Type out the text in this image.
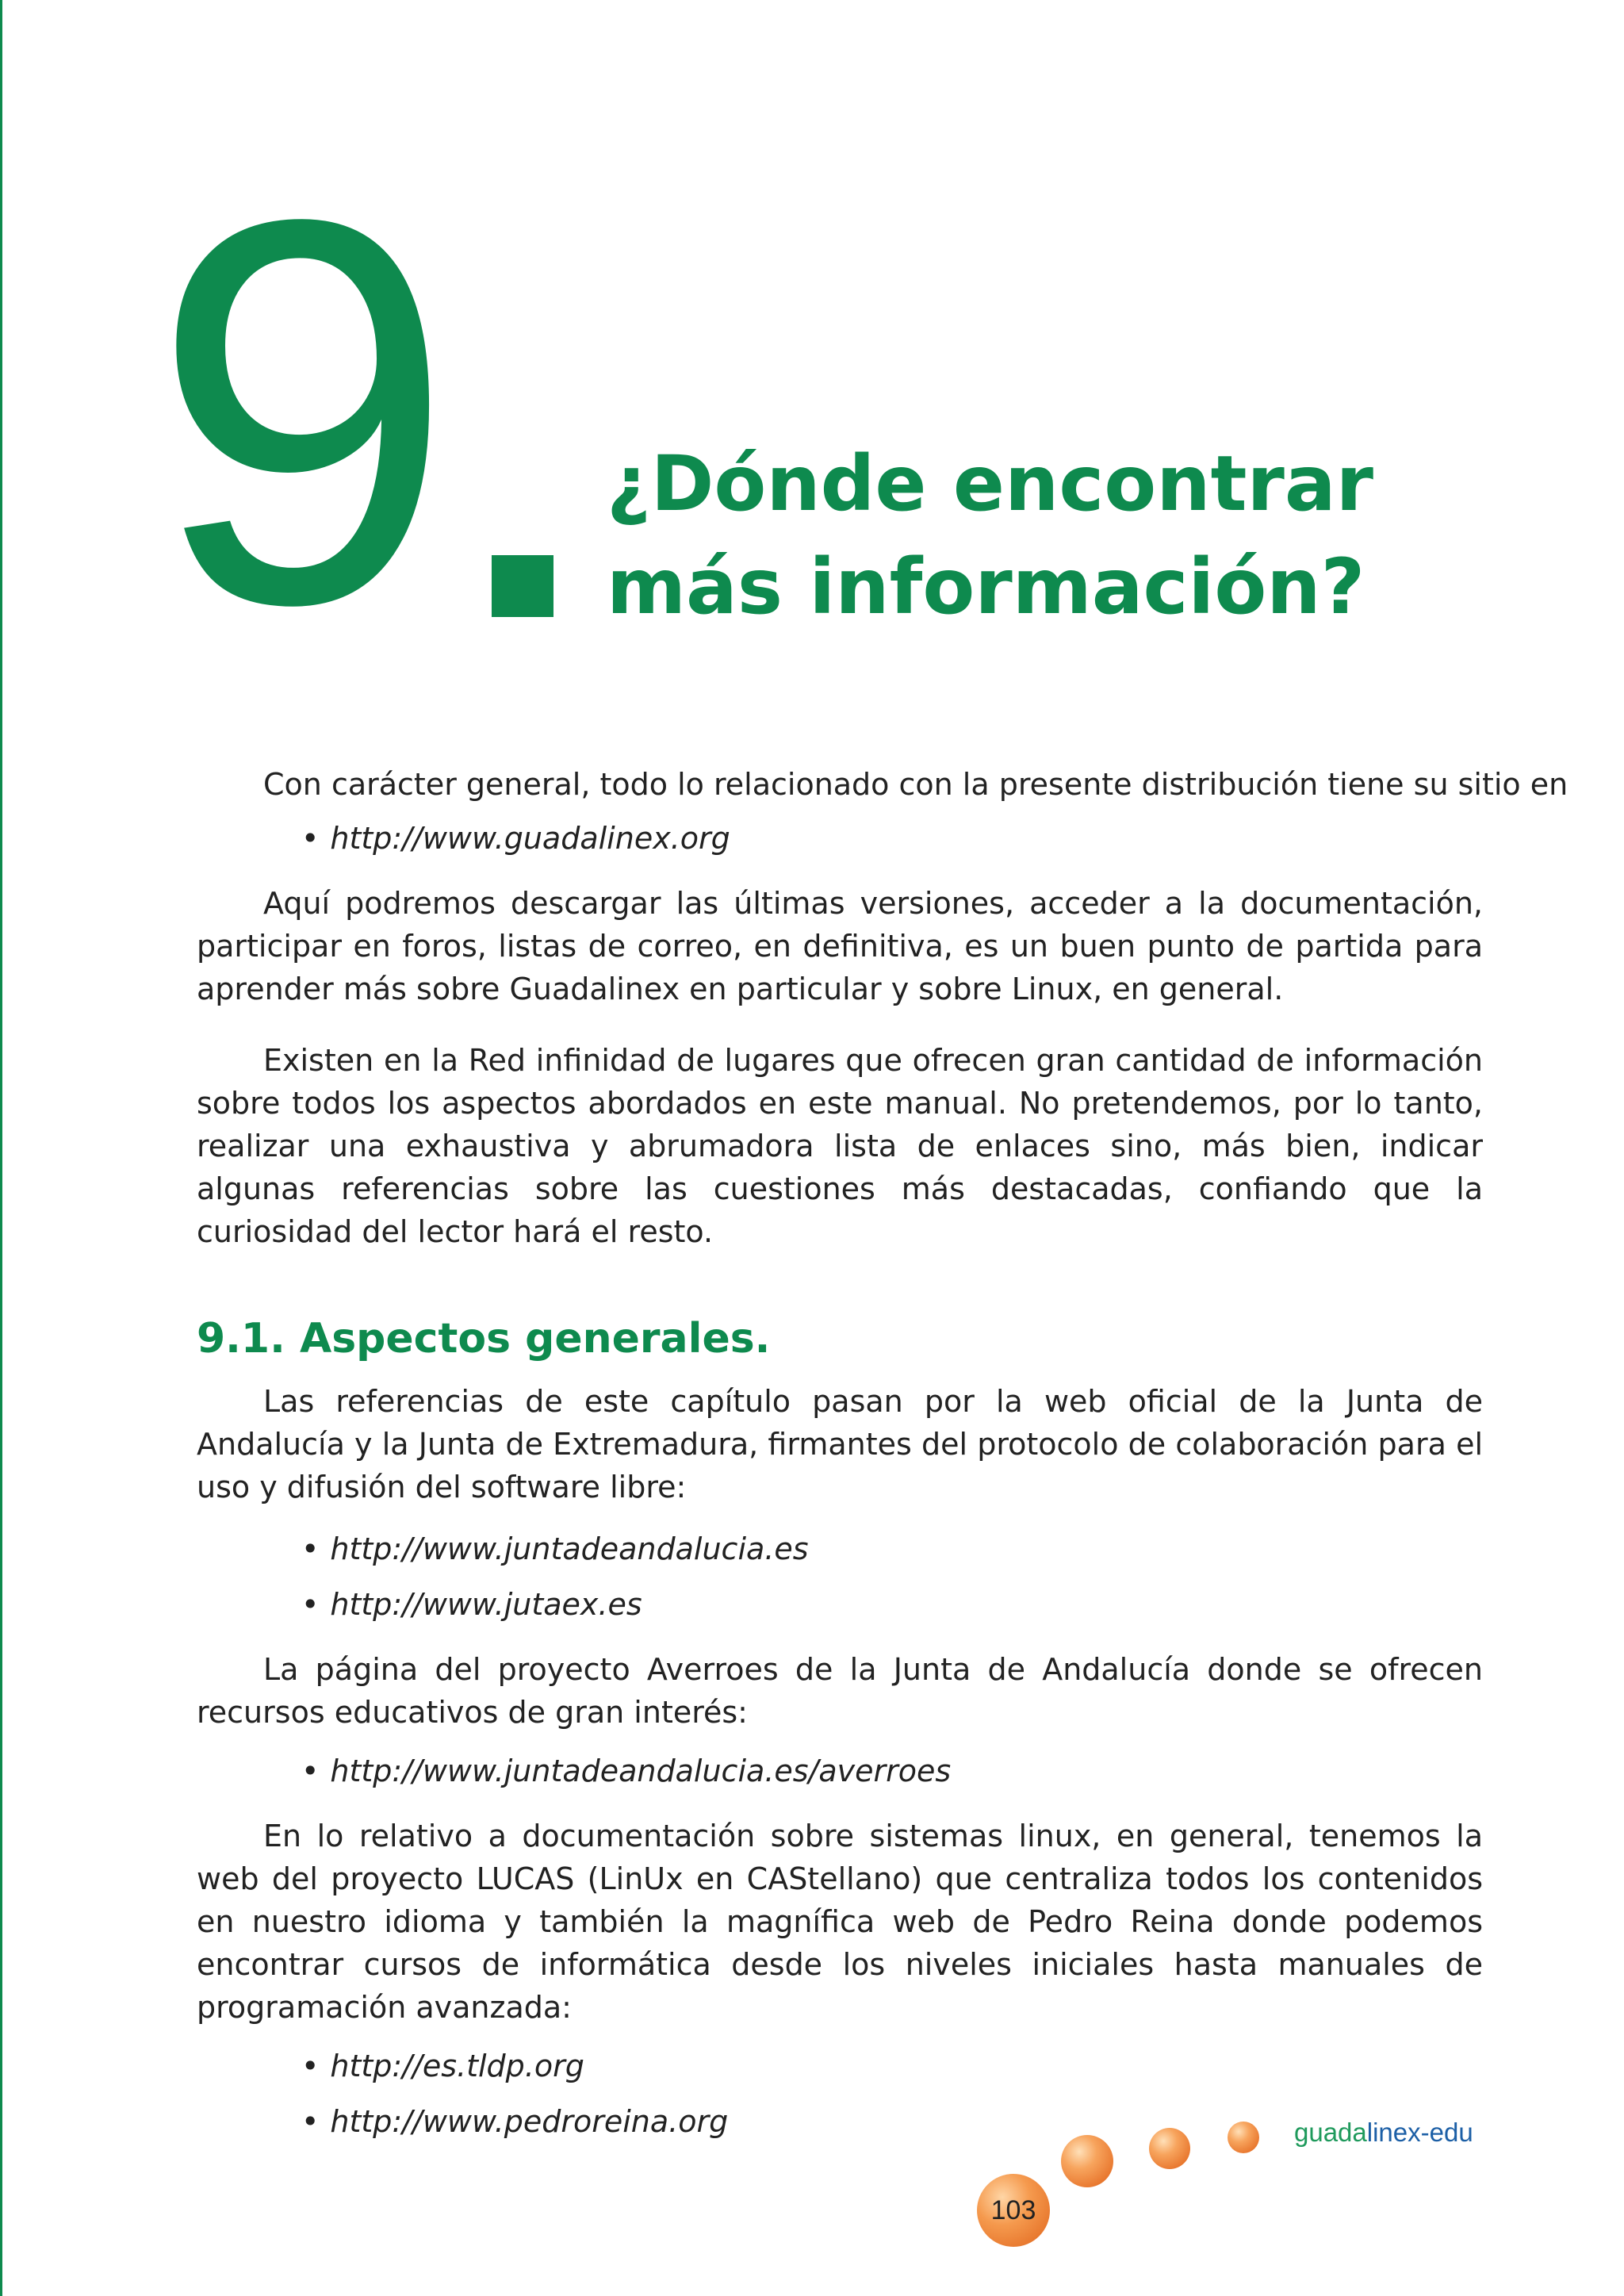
9 ¿Dónde encontrar
más información?

Con carácter general, todo lo relacionado con la presente distribución tiene su sitio en

• http://www.guadalinex.org

Aquí podremos descargar las últimas versiones, acceder a la documentación, participar en foros, listas de correo, en definitiva, es un buen punto de partida para aprender más sobre Guadalinex en particular y sobre Linux, en general.

Existen en la Red infinidad de lugares que ofrecen gran cantidad de información sobre todos los aspectos abordados en este manual. No pretendemos, por lo tanto, realizar una exhaustiva y abrumadora lista de enlaces sino, más bien, indicar algunas referencias sobre las cuestiones más destacadas, confiando que la curiosidad del lector hará el resto.

9.1. Aspectos generales.

Las referencias de este capítulo pasan por la web oficial de la Junta de Andalucía y la Junta de Extremadura, firmantes del protocolo de colaboración para el uso y difusión del software libre:

• http://www.juntadeandalucia.es
• http://www.jutaex.es

La página del proyecto Averroes de la Junta de Andalucía donde se ofrecen recursos educativos de gran interés:

• http://www.juntadeandalucia.es/averroes

En lo relativo a documentación sobre sistemas linux, en general, tenemos la web del proyecto LUCAS (LinUx en CAStellano) que centraliza todos los contenidos en nuestro idioma y también la magnífica web de Pedro Reina donde podemos encontrar cursos de informática desde los niveles iniciales hasta manuales de programación avanzada:

• http://es.tldp.org
• http://www.pedroreina.org	guadalinex-edu
103
